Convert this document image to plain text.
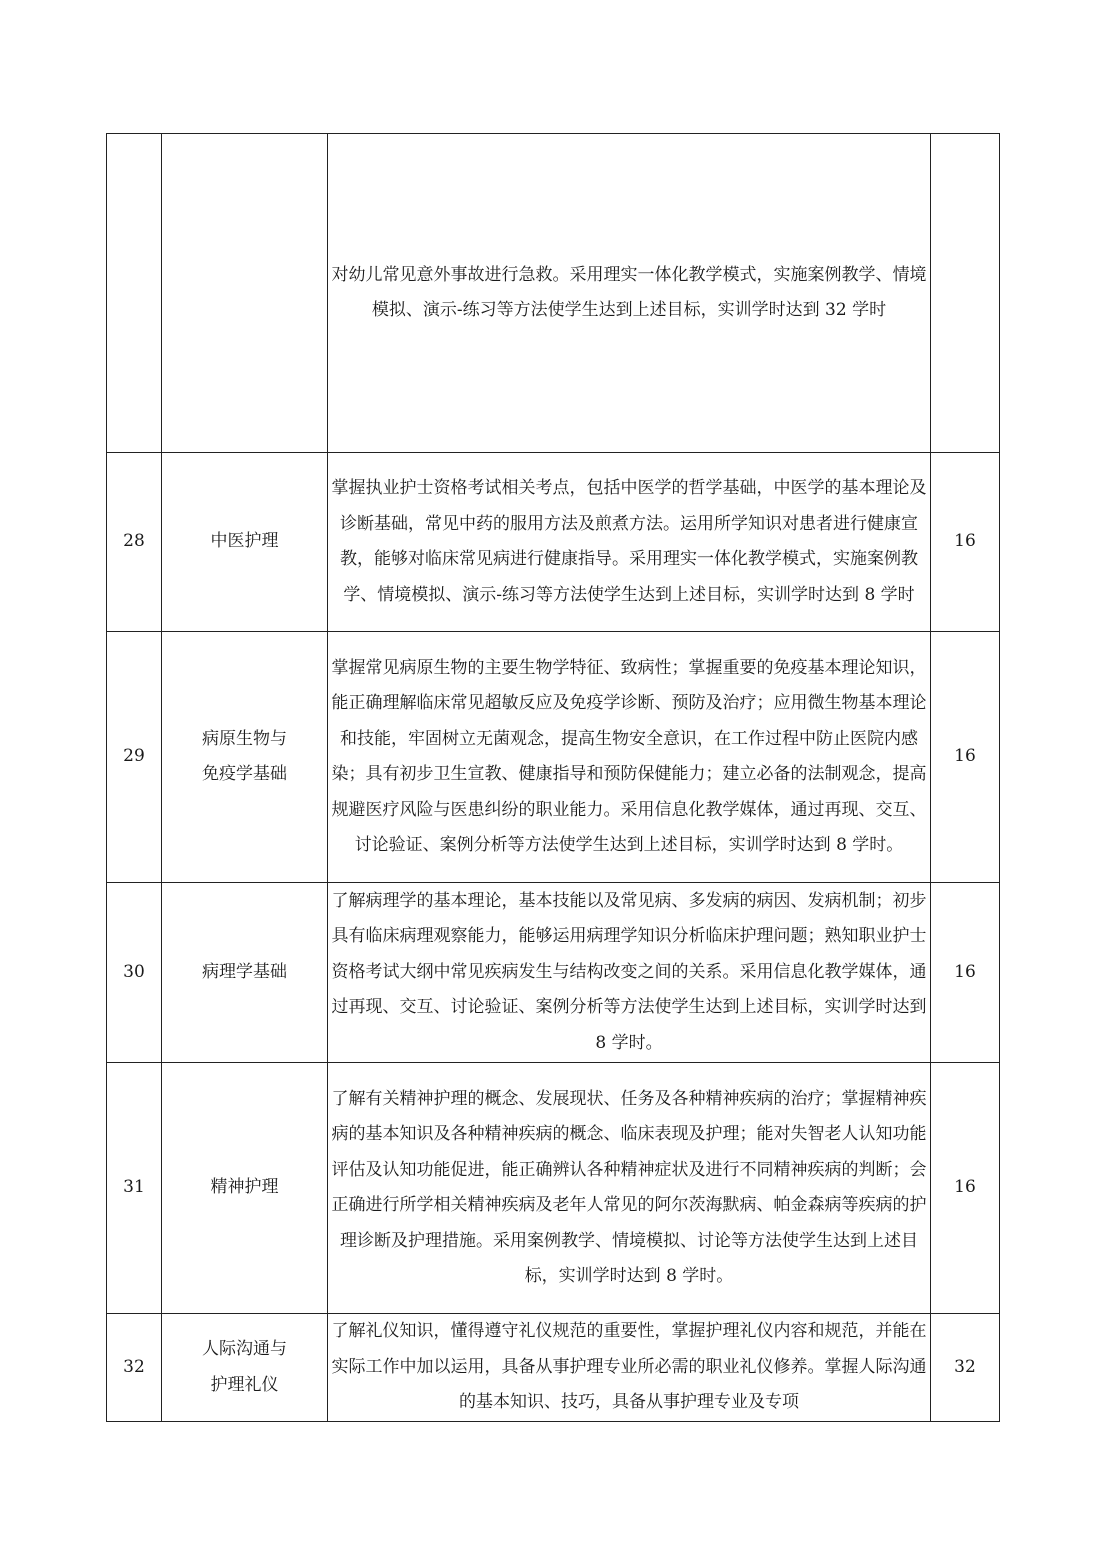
		对幼儿常见意外事故进行急救。采用理实一体化教学模式，实施案例教学、情境模拟、演示-练习等方法使学生达到上述目标，实训学时达到 32 学时	
28	中医护理	掌握执业护士资格考试相关考点，包括中医学的哲学基础，中医学的基本理论及诊断基础，常见中药的服用方法及煎煮方法。运用所学知识对患者进行健康宣教，能够对临床常见病进行健康指导。采用理实一体化教学模式，实施案例教学、情境模拟、演示-练习等方法使学生达到上述目标，实训学时达到 8 学时	16
29	病原生物与免疫学基础	掌握常见病原生物的主要生物学特征、致病性；掌握重要的免疫基本理论知识，能正确理解临床常见超敏反应及免疫学诊断、预防及治疗；应用微生物基本理论和技能，牢固树立无菌观念，提高生物安全意识，在工作过程中防止医院内感染；具有初步卫生宣教、健康指导和预防保健能力；建立必备的法制观念，提高规避医疗风险与医患纠纷的职业能力。采用信息化教学媒体，通过再现、交互、讨论验证、案例分析等方法使学生达到上述目标，实训学时达到 8 学时。	16
30	病理学基础	了解病理学的基本理论，基本技能以及常见病、多发病的病因、发病机制；初步具有临床病理观察能力，能够运用病理学知识分析临床护理问题；熟知职业护士资格考试大纲中常见疾病发生与结构改变之间的关系。采用信息化教学媒体，通过再现、交互、讨论验证、案例分析等方法使学生达到上述目标，实训学时达到 8 学时。	16
31	精神护理	了解有关精神护理的概念、发展现状、任务及各种精神疾病的治疗；掌握精神疾病的基本知识及各种精神疾病的概念、临床表现及护理；能对失智老人认知功能评估及认知功能促进，能正确辨认各种精神症状及进行不同精神疾病的判断；会正确进行所学相关精神疾病及老年人常见的阿尔茨海默病、帕金森病等疾病的护理诊断及护理措施。采用案例教学、情境模拟、讨论等方法使学生达到上述目标，实训学时达到 8 学时。	16
32	人际沟通与护理礼仪	了解礼仪知识，懂得遵守礼仪规范的重要性，掌握护理礼仪内容和规范，并能在实际工作中加以运用，具备从事护理专业所必需的职业礼仪修养。掌握人际沟通的基本知识、技巧，具备从事护理专业及专项	32
